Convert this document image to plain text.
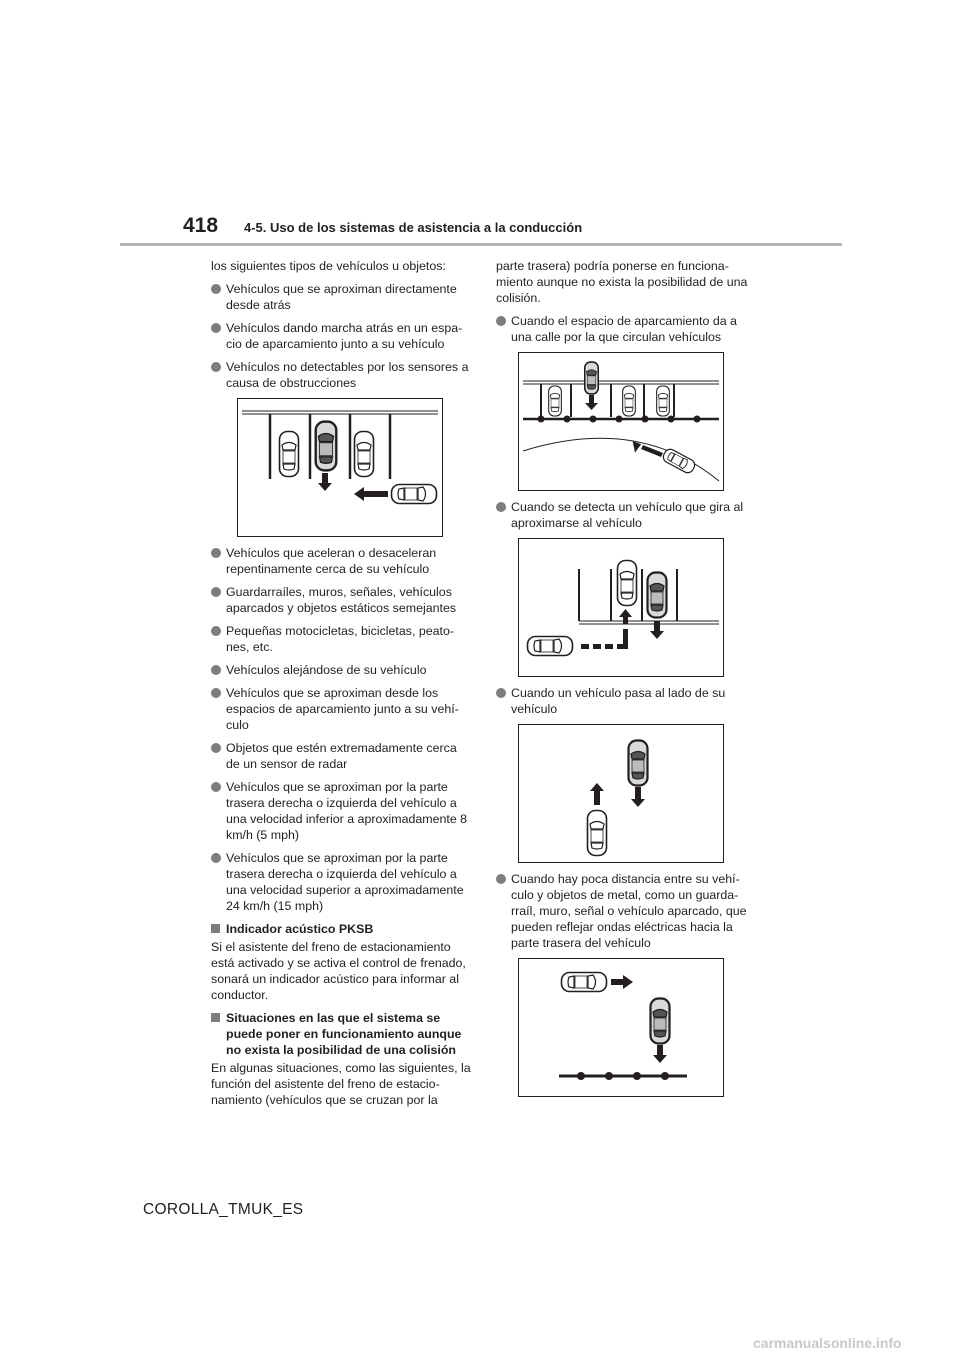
418 4-5. Uso de los sistemas de asistencia a la conducción

los siguientes tipos de vehículos u objetos:

Vehículos que se aproximan directamente desde atrás
Vehículos dando marcha atrás en un espacio de aparcamiento junto a su vehículo
Vehículos no detectables por los sensores a causa de obstrucciones
Vehículos que aceleran o desaceleran repentinamente cerca de su vehículo
Guardarraíles, muros, señales, vehículos aparcados y objetos estáticos semejantes
Pequeñas motocicletas, bicicletas, peatones, etc.
Vehículos alejándose de su vehículo
Vehículos que se aproximan desde los espacios de aparcamiento junto a su vehículo
Objetos que estén extremadamente cerca de un sensor de radar
Vehículos que se aproximan por la parte trasera derecha o izquierda del vehículo a una velocidad inferior a aproximadamente 8 km/h (5 mph)
Vehículos que se aproximan por la parte trasera derecha o izquierda del vehículo a una velocidad superior a aproximadamente 24 km/h (15 mph)
Indicador acústico PKSB

Si el asistente del freno de estacionamiento está activado y se activa el control de frenado, sonará un indicador acústico para informar al conductor.

Situaciones en las que el sistema se puede poner en funcionamiento aunque no exista la posibilidad de una colisión

En algunas situaciones, como las siguientes, la función del asistente del freno de estacionamiento (vehículos que se cruzan por la

parte trasera) podría ponerse en funcionamiento aunque no exista la posibilidad de una colisión.

Cuando el espacio de aparcamiento da a una calle por la que circulan vehículos
Cuando se detecta un vehículo que gira al aproximarse al vehículo
Cuando un vehículo pasa al lado de su vehículo
Cuando hay poca distancia entre su vehículo y objetos de metal, como un guardarraíl, muro, señal o vehículo aparcado, que pueden reflejar ondas eléctricas hacia la parte trasera del vehículo
COROLLA_TMUK_ES
carmanualsonline.info
